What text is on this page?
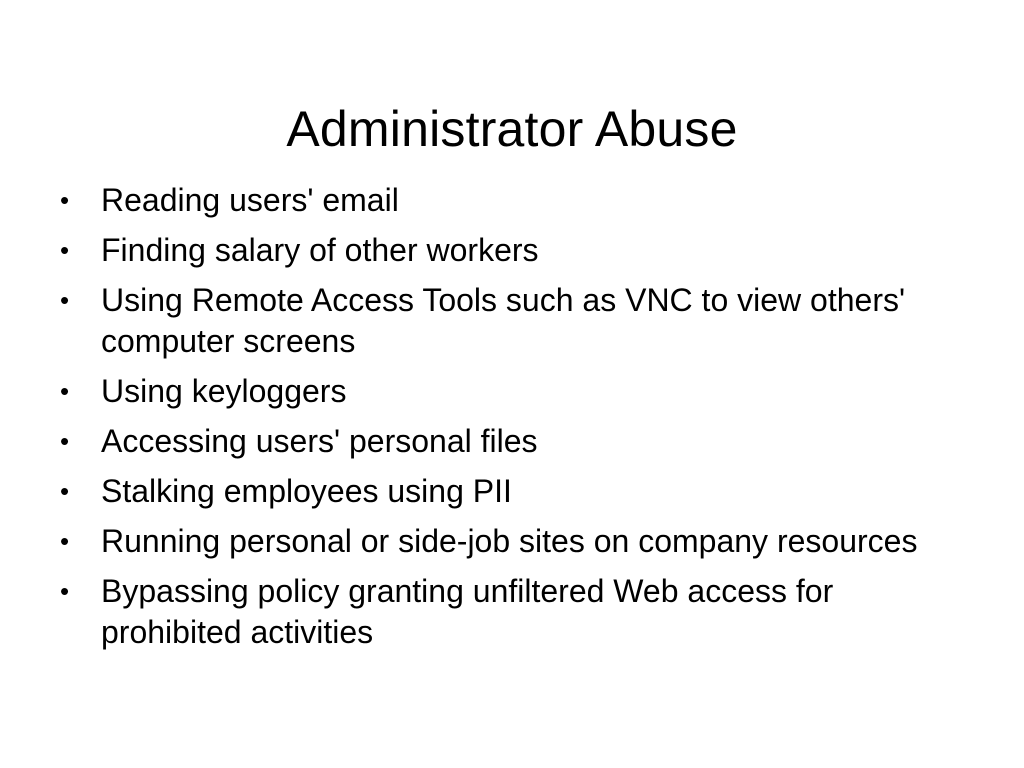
Administrator Abuse
• Reading users' email
• Finding salary of other workers
• Using Remote Access Tools such as VNC to view others' computer screens
• Using keyloggers
• Accessing users' personal files
• Stalking employees using PII
• Running personal or side-job sites on company resources
• Bypassing policy granting unfiltered Web access for prohibited activities
